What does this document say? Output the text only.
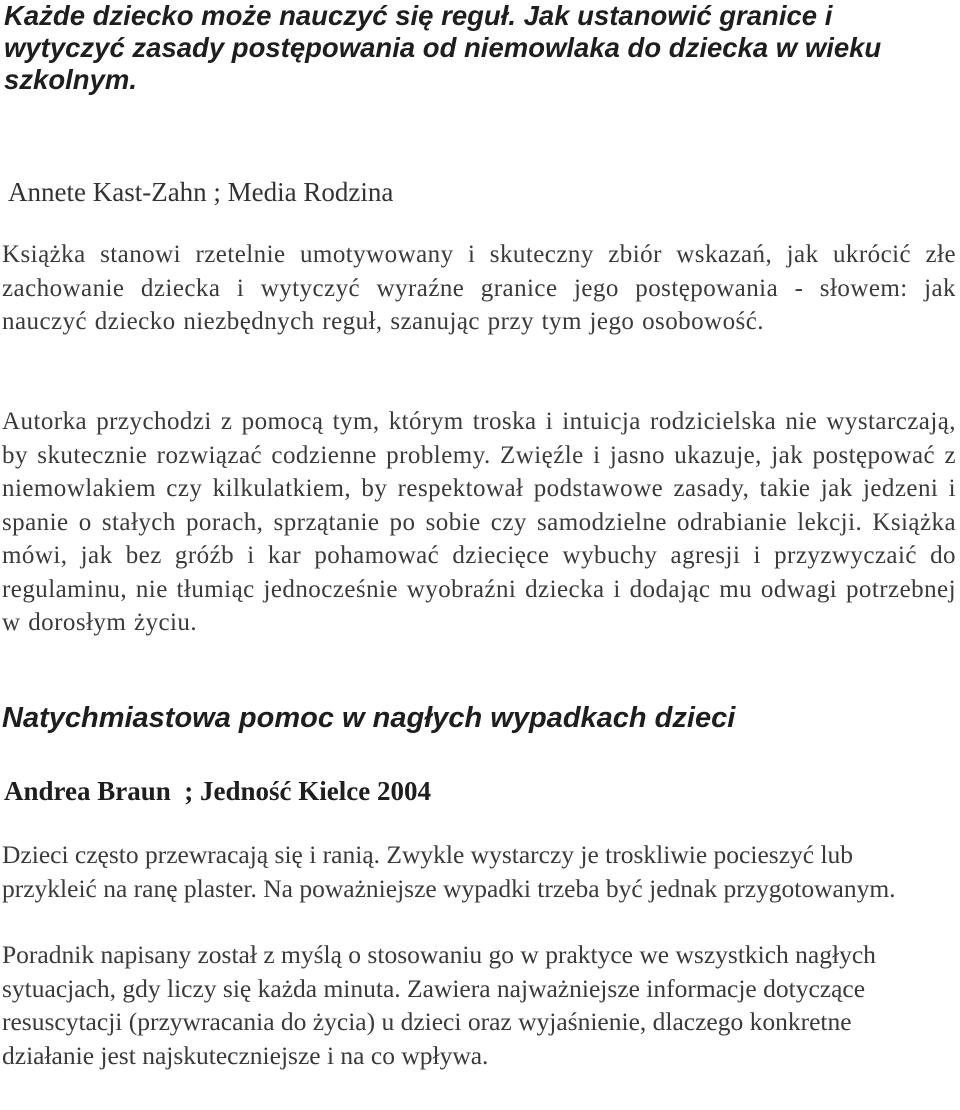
Każde dziecko może nauczyć się reguł. Jak ustanowić granice i wytyczyć zasady postępowania od niemowlaka do dziecka w wieku szkolnym.

Annete Kast-Zahn ; Media Rodzina

Książka stanowi rzetelnie umotywowany i skuteczny zbiór wskazań, jak ukrócić złe zachowanie dziecka i wytyczyć wyraźne granice jego postępowania - słowem: jak nauczyć dziecko niezbędnych reguł, szanując przy tym jego osobowość.

Autorka przychodzi z pomocą tym, którym troska i intuicja rodzicielska nie wystarczają, by skutecznie rozwiązać codzienne problemy. Zwięźle i jasno ukazuje, jak postępować z niemowlakiem czy kilkulatkiem, by respektował podstawowe zasady, takie jak jedzeni i spanie o stałych porach, sprzątanie po sobie czy samodzielne odrabianie lekcji. Książka mówi, jak bez gróźb i kar pohamować dziecięce wybuchy agresji i przyzwyczaić do regulaminu, nie tłumiąc jednocześnie wyobraźni dziecka i dodając mu odwagi potrzebnej w dorosłym życiu.

Natychmiastowa pomoc w nagłych wypadkach dzieci

Andrea Braun  ; Jedność Kielce 2004

Dzieci często przewracają się i ranią. Zwykle wystarczy je troskliwie pocieszyć lub przykleić na ranę plaster. Na poważniejsze wypadki trzeba być jednak przygotowanym.

Poradnik napisany został z myślą o stosowaniu go w praktyce we wszystkich nagłych sytuacjach, gdy liczy się każda minuta. Zawiera najważniejsze informacje dotyczące resuscytacji (przywracania do życia) u dzieci oraz wyjaśnienie, dlaczego konkretne działanie jest najskuteczniejsze i na co wpływa.
